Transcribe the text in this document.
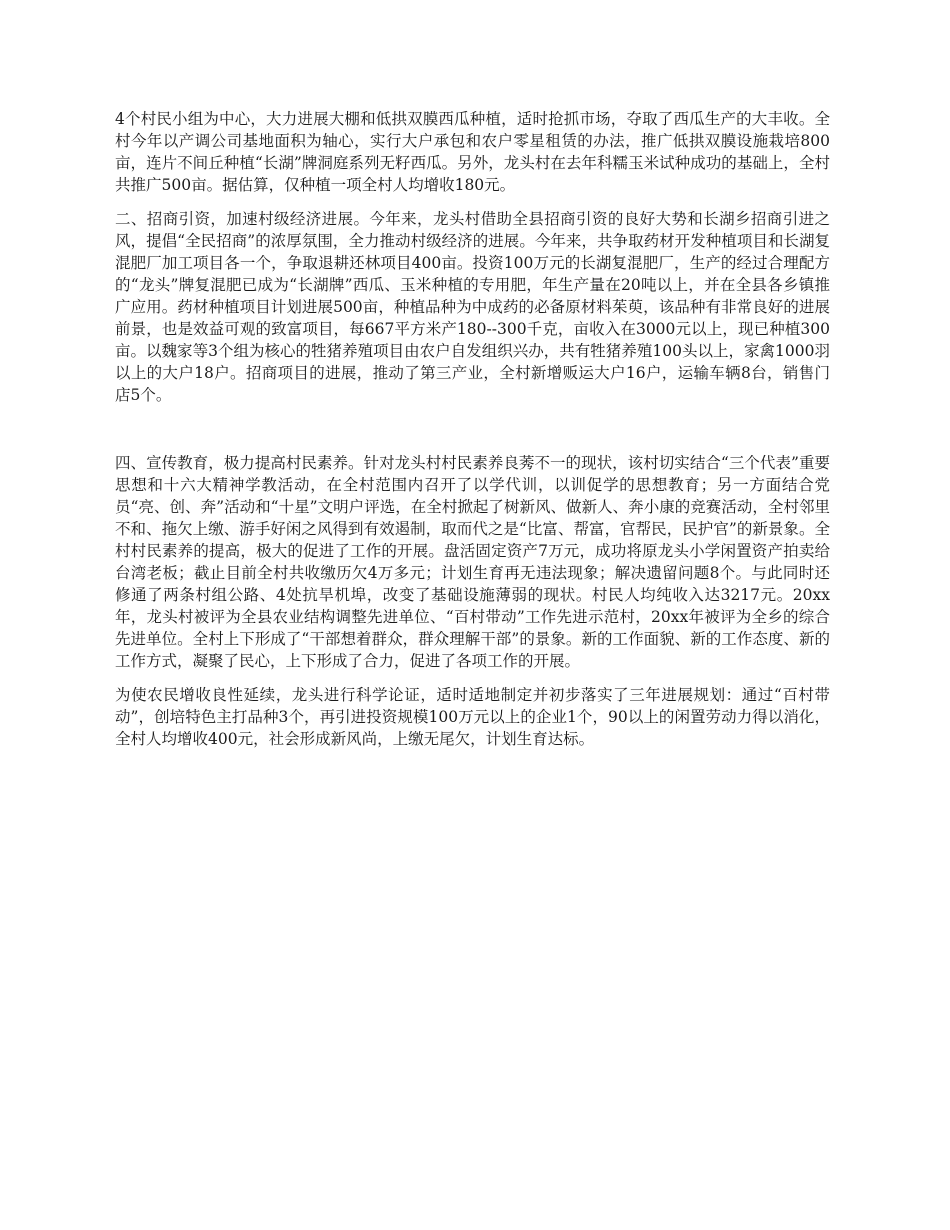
4个村民小组为中心，大力进展大棚和低拱双膜西瓜种植，适时抢抓市场，夺取了西瓜生产的大丰收。全村今年以产调公司基地面积为轴心，实行大户承包和农户零星租赁的办法，推广低拱双膜设施栽培800亩，连片不间丘种植“长湖”牌洞庭系列无籽西瓜。另外，龙头村在去年科糯玉米试种成功的基础上，全村共推广500亩。据估算，仅种植一项全村人均增收180元。

二、招商引资，加速村级经济进展。今年来，龙头村借助全县招商引资的良好大势和长湖乡招商引进之风，提倡“全民招商”的浓厚氛围，全力推动村级经济的进展。今年来，共争取药材开发种植项目和长湖复混肥厂加工项目各一个，争取退耕还林项目400亩。投资100万元的长湖复混肥厂，生产的经过合理配方的“龙头”牌复混肥已成为“长湖牌”西瓜、玉米种植的专用肥，年生产量在20吨以上，并在全县各乡镇推广应用。药材种植项目计划进展500亩，种植品种为中成药的必备原材料茱萸，该品种有非常良好的进展前景，也是效益可观的致富项目，每667平方米产180--300千克，亩收入在3000元以上，现已种植300亩。以魏家等3个组为核心的牲猪养殖项目由农户自发组织兴办，共有牲猪养殖100头以上，家禽1000羽以上的大户18户。招商项目的进展，推动了第三产业，全村新增贩运大户16户，运输车辆8台，销售门店5个。

四、宣传教育，极力提高村民素养。针对龙头村村民素养良莠不一的现状，该村切实结合“三个代表”重要思想和十六大精神学教活动，在全村范围内召开了以学代训，以训促学的思想教育；另一方面结合党员“亮、创、奔”活动和“十星”文明户评选，在全村掀起了树新风、做新人、奔小康的竞赛活动，全村邻里不和、拖欠上缴、游手好闲之风得到有效遏制，取而代之是“比富、帮富，官帮民，民护官”的新景象。全村村民素养的提高，极大的促进了工作的开展。盘活固定资产7万元，成功将原龙头小学闲置资产拍卖给台湾老板；截止目前全村共收缴历欠4万多元；计划生育再无违法现象；解决遗留问题8个。与此同时还修通了两条村组公路、4处抗旱机埠，改变了基础设施薄弱的现状。村民人均纯收入达3217元。20xx年，龙头村被评为全县农业结构调整先进单位、“百村带动”工作先进示范村，20xx年被评为全乡的综合先进单位。全村上下形成了“干部想着群众，群众理解干部”的景象。新的工作面貌、新的工作态度、新的工作方式，凝聚了民心，上下形成了合力，促进了各项工作的开展。

为使农民增收良性延续，龙头进行科学论证，适时适地制定并初步落实了三年进展规划：通过“百村带动”，创培特色主打品种3个，再引进投资规模100万元以上的企业1个，90以上的闲置劳动力得以消化，全村人均增收400元，社会形成新风尚，上缴无尾欠，计划生育达标。
